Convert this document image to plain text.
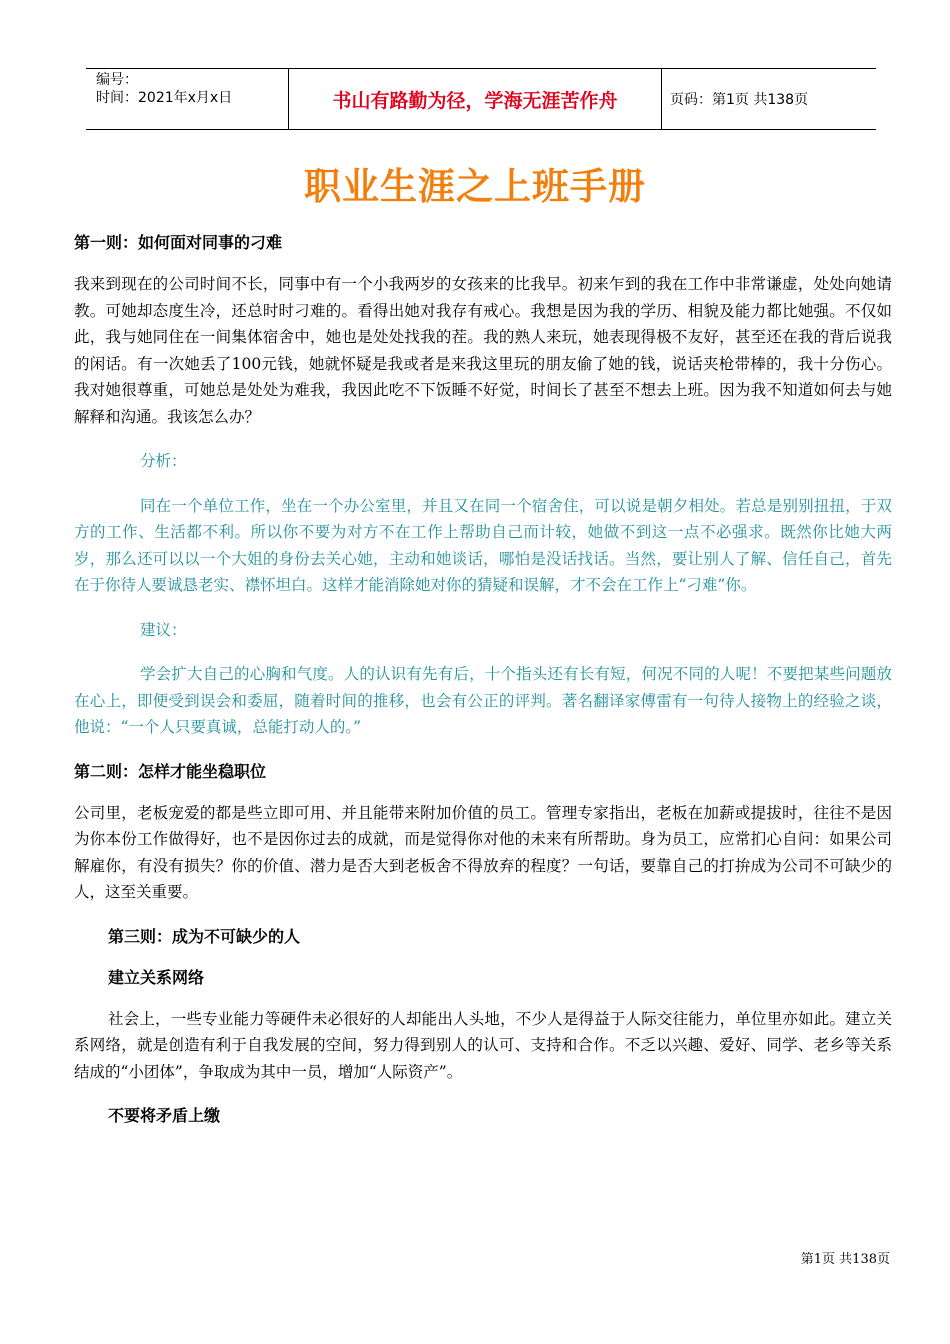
编号：
时间：2021年x月x日	书山有路勤为径，学海无涯苦作舟	页码：第1页 共138页
职业生涯之上班手册
第一则：如何面对同事的刁难
我来到现在的公司时间不长，同事中有一个小我两岁的女孩来的比我早。初来乍到的我在工作中非常谦虚，处处向她请教。可她却态度生冷，还总时时刁难的。看得出她对我存有戒心。我想是因为我的学历、相貌及能力都比她强。不仅如此，我与她同住在一间集体宿舍中，她也是处处找我的茬。我的熟人来玩，她表现得极不友好，甚至还在我的背后说我的闲话。有一次她丢了100元钱，她就怀疑是我或者是来我这里玩的朋友偷了她的钱，说话夹枪带棒的，我十分伤心。我对她很尊重，可她总是处处为难我，我因此吃不下饭睡不好觉，时间长了甚至不想去上班。因为我不知道如何去与她解释和沟通。我该怎么办？
分析：
同在一个单位工作，坐在一个办公室里，并且又在同一个宿舍住，可以说是朝夕相处。若总是别别扭扭，于双方的工作、生活都不利。所以你不要为对方不在工作上帮助自己而计较，她做不到这一点不必强求。既然你比她大两岁，那么还可以以一个大姐的身份去关心她，主动和她谈话，哪怕是没话找话。当然，要让别人了解、信任自己，首先在于你待人要诚恳老实、襟怀坦白。这样才能消除她对你的猜疑和误解，才不会在工作上“刁难”你。
建议：
学会扩大自己的心胸和气度。人的认识有先有后，十个指头还有长有短，何况不同的人呢！不要把某些问题放在心上，即便受到误会和委屈，随着时间的推移，也会有公正的评判。著名翻译家傅雷有一句待人接物上的经验之谈，他说：“一个人只要真诚，总能打动人的。”
第二则：怎样才能坐稳职位
公司里，老板宠爱的都是些立即可用、并且能带来附加价值的员工。管理专家指出，老板在加薪或提拔时，往往不是因为你本份工作做得好，也不是因你过去的成就，而是觉得你对他的未来有所帮助。身为员工，应常扪心自问：如果公司解雇你，有没有损失？你的价值、潜力是否大到老板舍不得放弃的程度？一句话，要靠自己的打拚成为公司不可缺少的人，这至关重要。
第三则：成为不可缺少的人
建立关系网络
社会上，一些专业能力等硬件未必很好的人却能出人头地，不少人是得益于人际交往能力，单位里亦如此。建立关系网络，就是创造有利于自我发展的空间，努力得到别人的认可、支持和合作。不乏以兴趣、爱好、同学、老乡等关系结成的“小团体”，争取成为其中一员，增加“人际资产”。
不要将矛盾上缴
第1页 共138页
